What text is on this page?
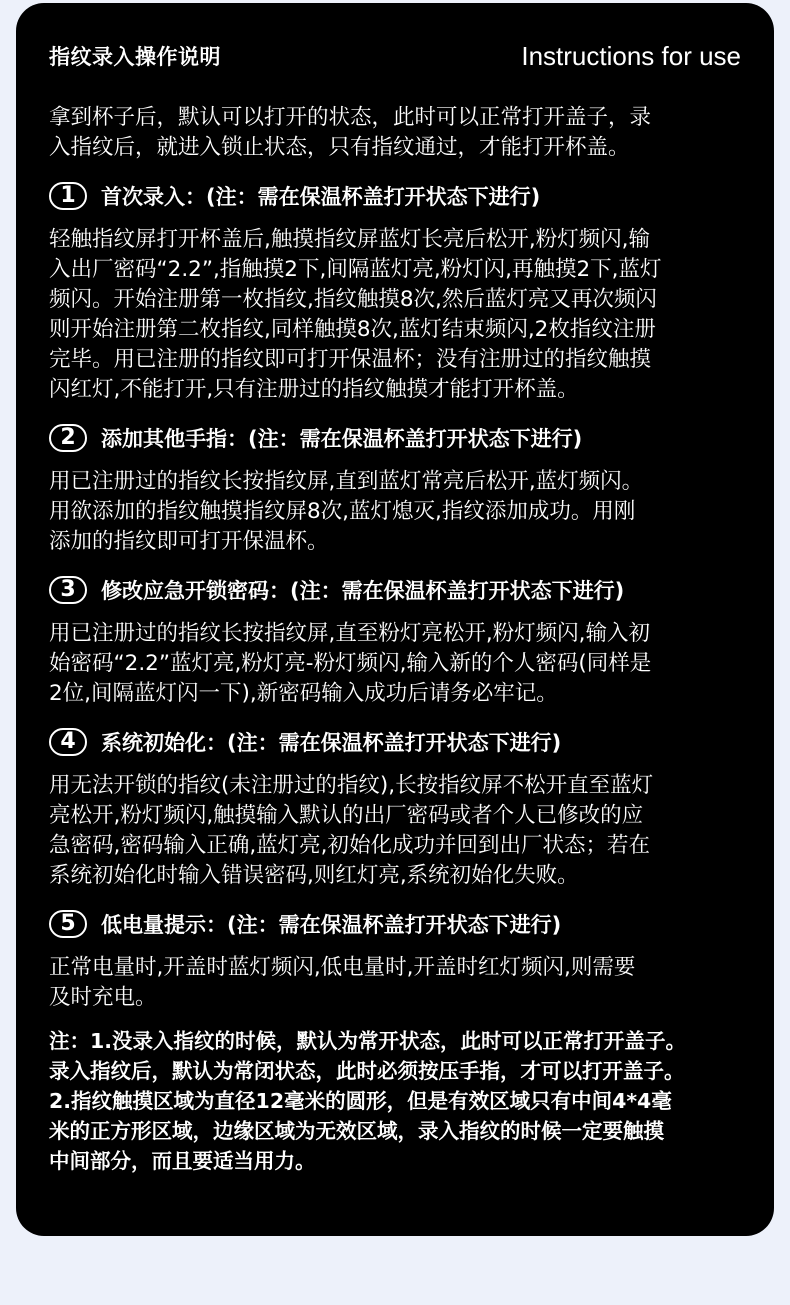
指纹录入操作说明	Instructions for use
拿到杯子后，默认可以打开的状态，此时可以正常打开盖子，录
入指纹后，就进入锁止状态，只有指纹通过，才能打开杯盖。
1	首次录入：(注：需在保温杯盖打开状态下进行)
轻触指纹屏打开杯盖后,触摸指纹屏蓝灯长亮后松开,粉灯频闪,输
入出厂密码“2.2”,指触摸2下,间隔蓝灯亮,粉灯闪,再触摸2下,蓝灯
频闪。开始注册第一枚指纹,指纹触摸8次,然后蓝灯亮又再次频闪
则开始注册第二枚指纹,同样触摸8次,蓝灯结束频闪,2枚指纹注册
完毕。用已注册的指纹即可打开保温杯；没有注册过的指纹触摸
闪红灯,不能打开,只有注册过的指纹触摸才能打开杯盖。
2	添加其他手指：(注：需在保温杯盖打开状态下进行)
用已注册过的指纹长按指纹屏,直到蓝灯常亮后松开,蓝灯频闪。
用欲添加的指纹触摸指纹屏8次,蓝灯熄灭,指纹添加成功。用刚
添加的指纹即可打开保温杯。
3	修改应急开锁密码：(注：需在保温杯盖打开状态下进行)
用已注册过的指纹长按指纹屏,直至粉灯亮松开,粉灯频闪,输入初
始密码“2.2”蓝灯亮,粉灯亮-粉灯频闪,输入新的个人密码(同样是
2位,间隔蓝灯闪一下),新密码输入成功后请务必牢记。
4	系统初始化：(注：需在保温杯盖打开状态下进行)
用无法开锁的指纹(未注册过的指纹),长按指纹屏不松开直至蓝灯
亮松开,粉灯频闪,触摸输入默认的出厂密码或者个人已修改的应
急密码,密码输入正确,蓝灯亮,初始化成功并回到出厂状态；若在
系统初始化时输入错误密码,则红灯亮,系统初始化失败。
5	低电量提示：(注：需在保温杯盖打开状态下进行)
正常电量时,开盖时蓝灯频闪,低电量时,开盖时红灯频闪,则需要
及时充电。
注：1.没录入指纹的时候，默认为常开状态，此时可以正常打开盖子。
录入指纹后，默认为常闭状态，此时必须按压手指，才可以打开盖子。
2.指纹触摸区域为直径12毫米的圆形，但是有效区域只有中间4*4毫
米的正方形区域，边缘区域为无效区域，录入指纹的时候一定要触摸
中间部分，而且要适当用力。
